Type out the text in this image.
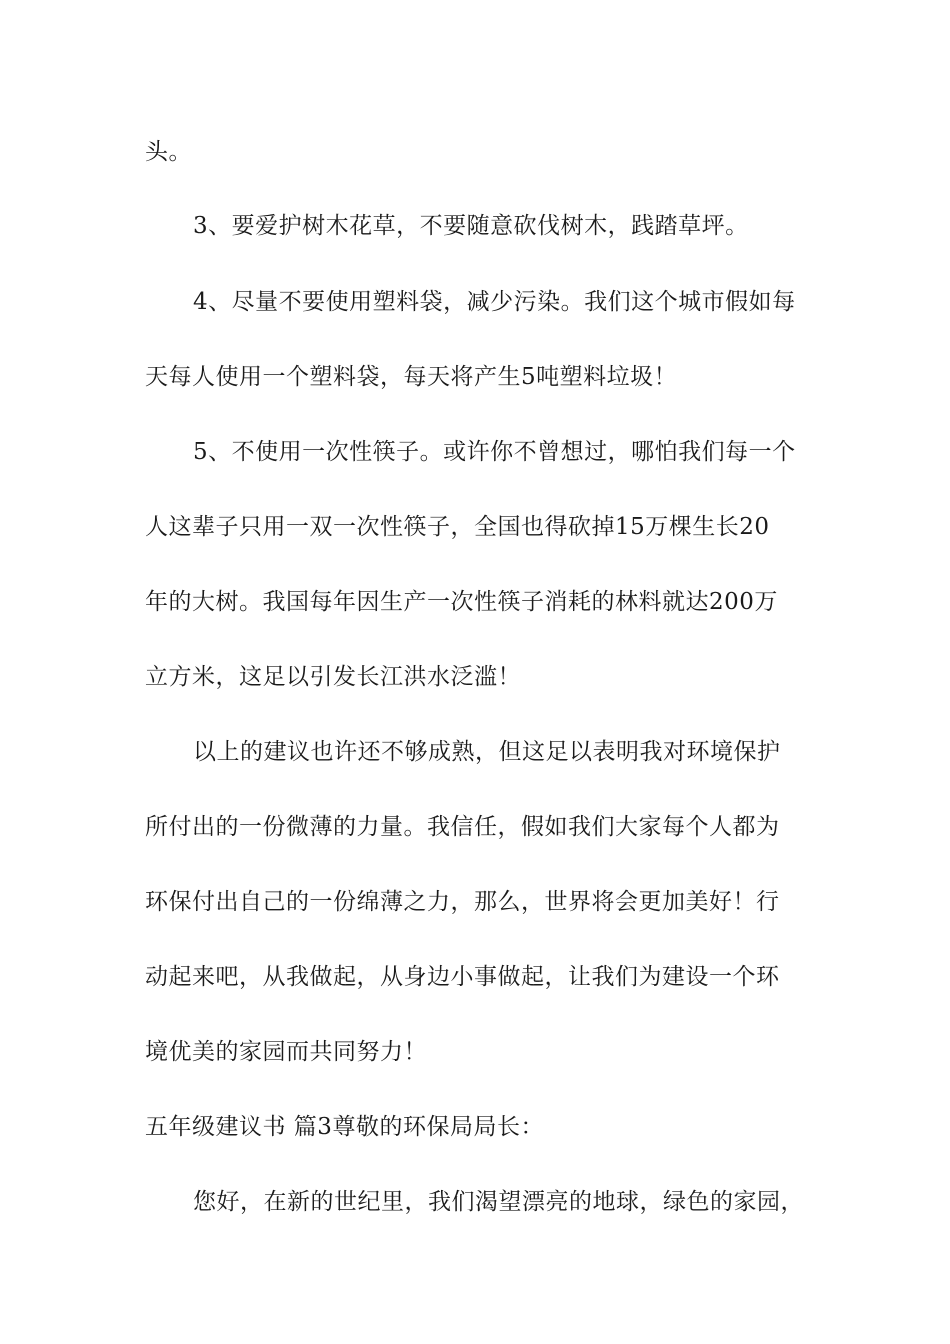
头。
3、要爱护树木花草，不要随意砍伐树木，践踏草坪。
4、尽量不要使用塑料袋，减少污染。我们这个城市假如每
天每人使用一个塑料袋，每天将产生5吨塑料垃圾！
5、不使用一次性筷子。或许你不曾想过，哪怕我们每一个
人这辈子只用一双一次性筷子，全国也得砍掉15万棵生长20
年的大树。我国每年因生产一次性筷子消耗的林料就达200万
立方米，这足以引发长江洪水泛滥！
以上的建议也许还不够成熟，但这足以表明我对环境保护
所付出的一份微薄的力量。我信任，假如我们大家每个人都为
环保付出自己的一份绵薄之力，那么，世界将会更加美好！行
动起来吧，从我做起，从身边小事做起，让我们为建设一个环
境优美的家园而共同努力！
五年级建议书 篇3尊敬的环保局局长：
您好，在新的世纪里，我们渴望漂亮的地球，绿色的家园，
